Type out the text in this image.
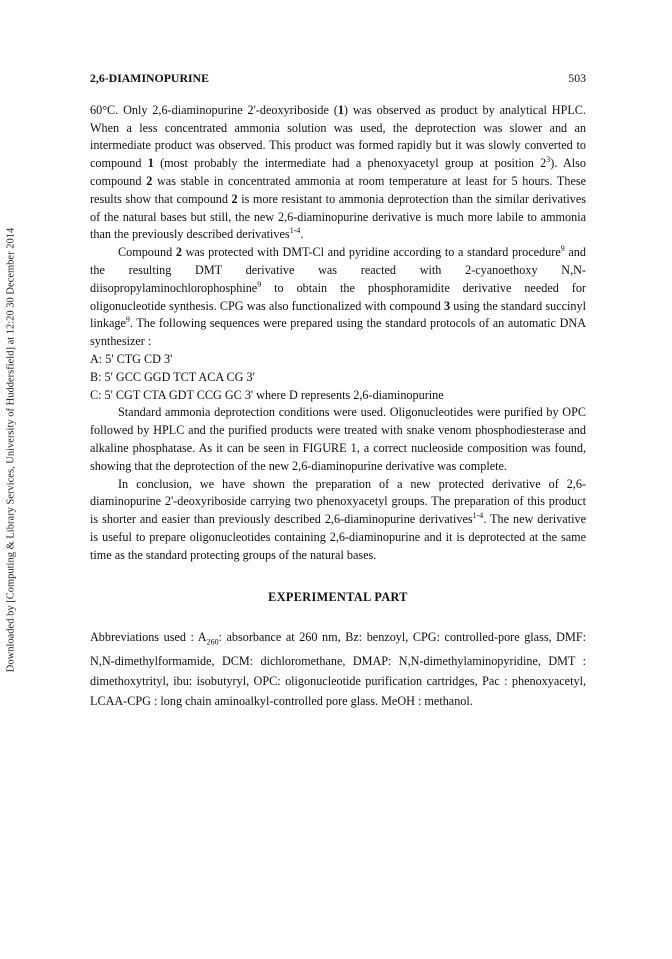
Downloaded by [Computing & Library Services, University of Huddersfield] at 12:20 30 December 2014
2,6-DIAMINOPURINE	503

60°C. Only 2,6-diaminopurine 2'-deoxyriboside (1) was observed as product by analytical HPLC. When a less concentrated ammonia solution was used, the deprotection was slower and an intermediate product was observed. This product was formed rapidly but it was slowly converted to compound 1 (most probably the intermediate had a phenoxyacetyl group at position $2^3$). Also compound 2 was stable in concentrated ammonia at room temperature at least for 5 hours. These results show that compound 2 is more resistant to ammonia deprotection than the similar derivatives of the natural bases but still, the new 2,6-diaminopurine derivative is much more labile to ammonia than the previously described derivatives$^{1-4}$.

Compound 2 was protected with DMT-Cl and pyridine according to a standard procedure$^9$ and the resulting DMT derivative was reacted with 2-cyanoethoxy N,N-diisopropylaminochlorophosphine$^9$ to obtain the phosphoramidite derivative needed for oligonucleotide synthesis. CPG was also functionalized with compound 3 using the standard succinyl linkage$^9$. The following sequences were prepared using the standard protocols of an automatic DNA synthesizer :

A: 5' CTG CD 3'

B: 5' GCC GGD TCT ACA CG 3'

C: 5' CGT CTA GDT CCG GC 3' where D represents 2,6-diaminopurine

Standard ammonia deprotection conditions were used. Oligonucleotides were purified by OPC followed by HPLC and the purified products were treated with snake venom phosphodiesterase and alkaline phosphatase. As it can be seen in FIGURE 1, a correct nucleoside composition was found, showing that the deprotection of the new 2,6-diaminopurine derivative was complete.

In conclusion, we have shown the preparation of a new protected derivative of 2,6-diaminopurine 2'-deoxyriboside carrying two phenoxyacetyl groups. The preparation of this product is shorter and easier than previously described 2,6-diaminopurine derivatives$^{1-4}$. The new derivative is useful to prepare oligonucleotides containing 2,6-diaminopurine and it is deprotected at the same time as the standard protecting groups of the natural bases.

EXPERIMENTAL PART

Abbreviations used : $A_{260}$: absorbance at 260 nm, Bz: benzoyl, CPG: controlled-pore glass, DMF: N,N-dimethylformamide, DCM: dichloromethane, DMAP: N,N-dimethylaminopyridine, DMT : dimethoxytrityl, ibu: isobutyryl, OPC: oligonucleotide purification cartridges, Pac : phenoxyacetyl, LCAA-CPG : long chain aminoalkyl-controlled pore glass. MeOH : methanol.
